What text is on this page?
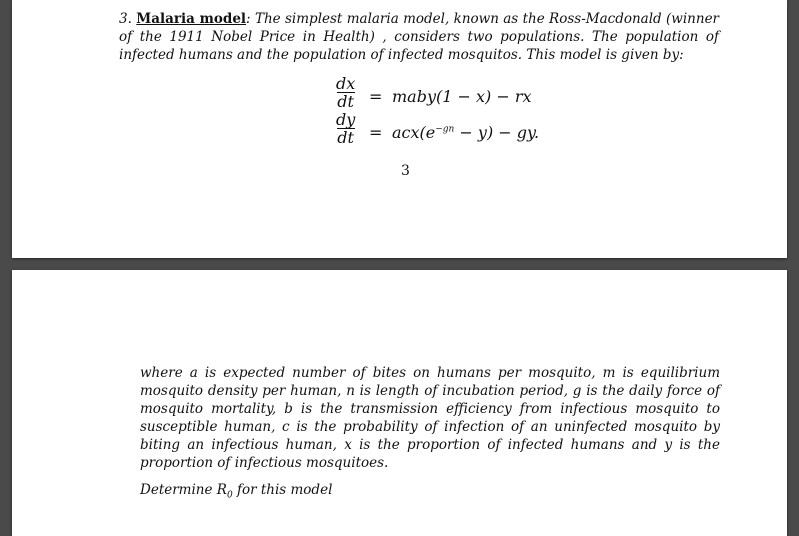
3. Malaria model: The simplest malaria model, known as the Ross-Macdonald (winner of the 1911 Nobel Price in Health) , considers two populations. The population of infected humans and the population of infected mosquitos. This model is given by:
dx
dt = maby(1 − x) − rx
dy
dt = $acx(e^{-gn} - y)$ − gy.
3
where a is expected number of bites on humans per mosquito, m is equilibrium mosquito density per human, n is length of incubation period, g is the daily force of mosquito mortality, b is the transmission efficiency from infectious mosquito to susceptible human, c is the probability of infection of an uninfected mosquito by biting an infectious human, x is the proportion of infected humans and y is the proportion of infectious mosquitoes.
Determine $R_0$ for this model
